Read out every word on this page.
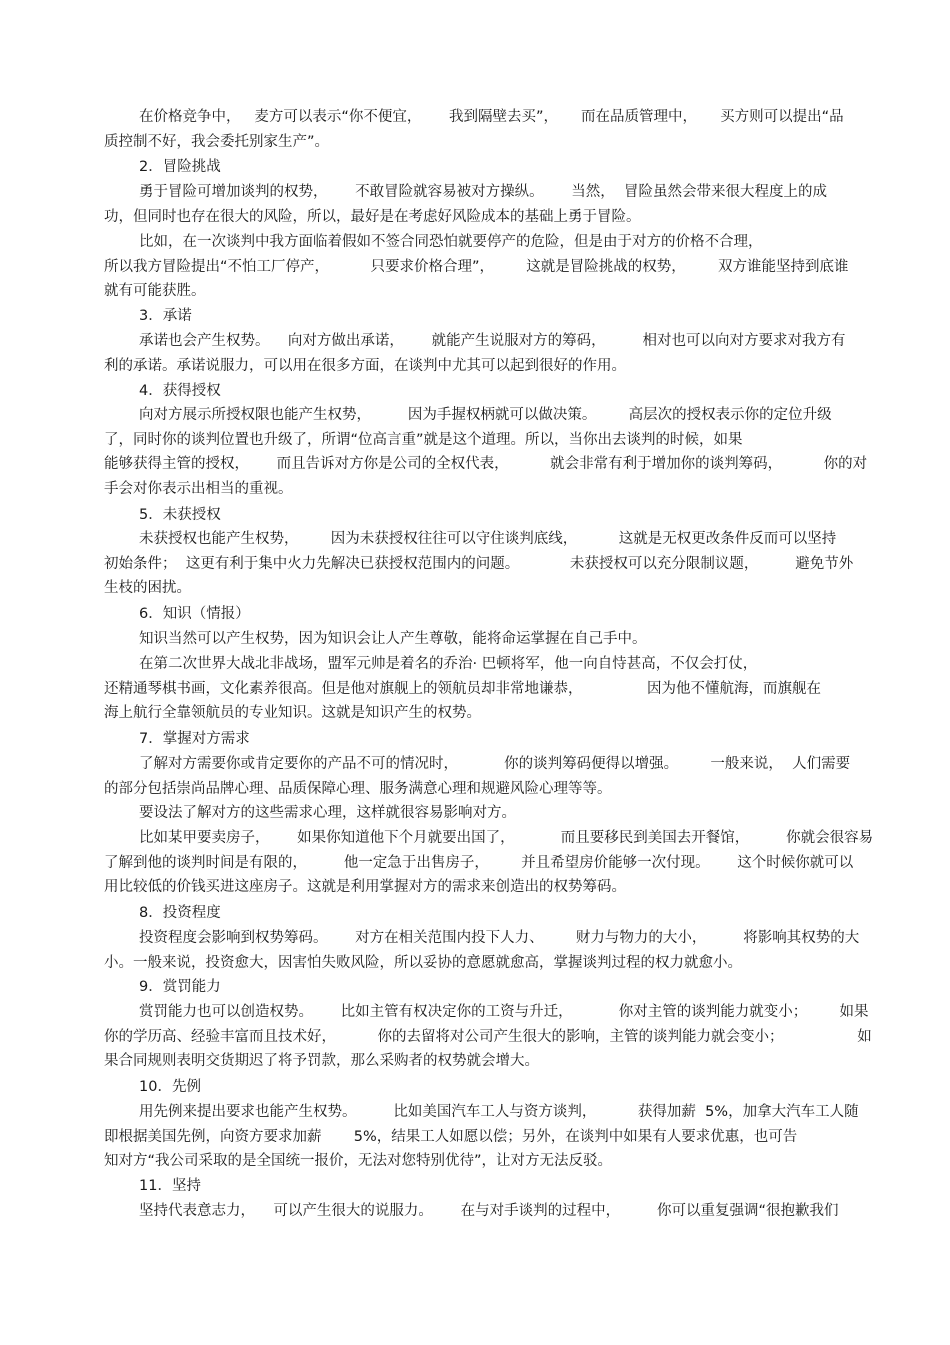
在价格竞争中，   麦方可以表示“你不便宜，      我到隔壁去买”，     而在品质管理中，     买方则可以提出“品
质控制不好，我会委托别家生产”。

2．冒险挑战

勇于冒险可增加谈判的权势，      不敢冒险就容易被对方操纵。      当然，  冒险虽然会带来很大程度上的成
功，但同时也存在很大的风险，所以，最好是在考虑好风险成本的基础上勇于冒险。

比如，在一次谈判中我方面临着假如不签合同恐怕就要停产的危险，但是由于对方的价格不合理，
所以我方冒险提出“不怕工厂停产，         只要求价格合理”，       这就是冒险挑战的权势，       双方谁能坚持到底谁
就有可能获胜。

3．承诺

承诺也会产生权势。    向对方做出承诺，      就能产生说服对方的筹码，        相对也可以向对方要求对我方有
利的承诺。承诺说服力，可以用在很多方面，在谈判中尤其可以起到很好的作用。

4．获得授权

向对方展示所授权限也能产生权势，        因为手握权柄就可以做决策。       高层次的授权表示你的定位升级
了，同时你的谈判位置也升级了，所谓“位高言重”就是这个道理。所以，当你出去谈判的时候，如果
能够获得主管的授权，      而且告诉对方你是公司的全权代表，         就会非常有利于增加你的谈判筹码，         你的对
手会对你表示出相当的重视。

5．未获授权

未获授权也能产生权势，       因为未获授权往往可以守住谈判底线，         这就是无权更改条件反而可以坚持
初始条件；  这更有利于集中火力先解决已获授权范围内的问题。           未获授权可以充分限制议题，        避免节外
生枝的困扰。

6．知识（情报）

知识当然可以产生权势，因为知识会让人产生尊敬，能将命运掌握在自己手中。

在第二次世界大战北非战场，盟军元帅是着名的乔治· 巴顿将军，他一向自恃甚高，不仅会打仗，
还精通琴棋书画，文化素养很高。但是他对旗舰上的领航员却非常地谦恭，              因为他不懂航海，而旗舰在
海上航行全靠领航员的专业知识。这就是知识产生的权势。

7．掌握对方需求

了解对方需要你或肯定要你的产品不可的情况时，          你的谈判筹码便得以增强。       一般来说，  人们需要
的部分包括崇尚品牌心理、品质保障心理、服务满意心理和规避风险心理等等。

要设法了解对方的这些需求心理，这样就很容易影响对方。

比如某甲要卖房子，      如果你知道他下个月就要出国了，          而且要移民到美国去开餐馆，        你就会很容易
了解到他的谈判时间是有限的，        他一定急于出售房子，       并且希望房价能够一次付现。      这个时候你就可以
用比较低的价钱买进这座房子。这就是利用掌握对方的需求来创造出的权势筹码。

8．投资程度

投资程度会影响到权势筹码。      对方在相关范围内投下人力、       财力与物力的大小，        将影响其权势的大
小。一般来说，投资愈大，因害怕失败风险，所以妥协的意愿就愈高，掌握谈判过程的权力就愈小。

9．赏罚能力

赏罚能力也可以创造权势。      比如主管有权决定你的工资与升迁，          你对主管的谈判能力就变小；       如果
你的学历高、经验丰富而且技术好，         你的去留将对公司产生很大的影响，主管的谈判能力就会变小；                如
果合同规则表明交货期迟了将予罚款，那么采购者的权势就会增大。

10．先例

用先例来提出要求也能产生权势。        比如美国汽车工人与资方谈判，         获得加薪  5%，加拿大汽车工人随
即根据美国先例，向资方要求加薪       5%，结果工人如愿以偿；另外，在谈判中如果有人要求优惠，也可告
知对方“我公司采取的是全国统一报价，无法对您特别优待”，让对方无法反驳。

11．坚持

坚持代表意志力，    可以产生很大的说服力。      在与对手谈判的过程中，        你可以重复强调“很抱歉我们
